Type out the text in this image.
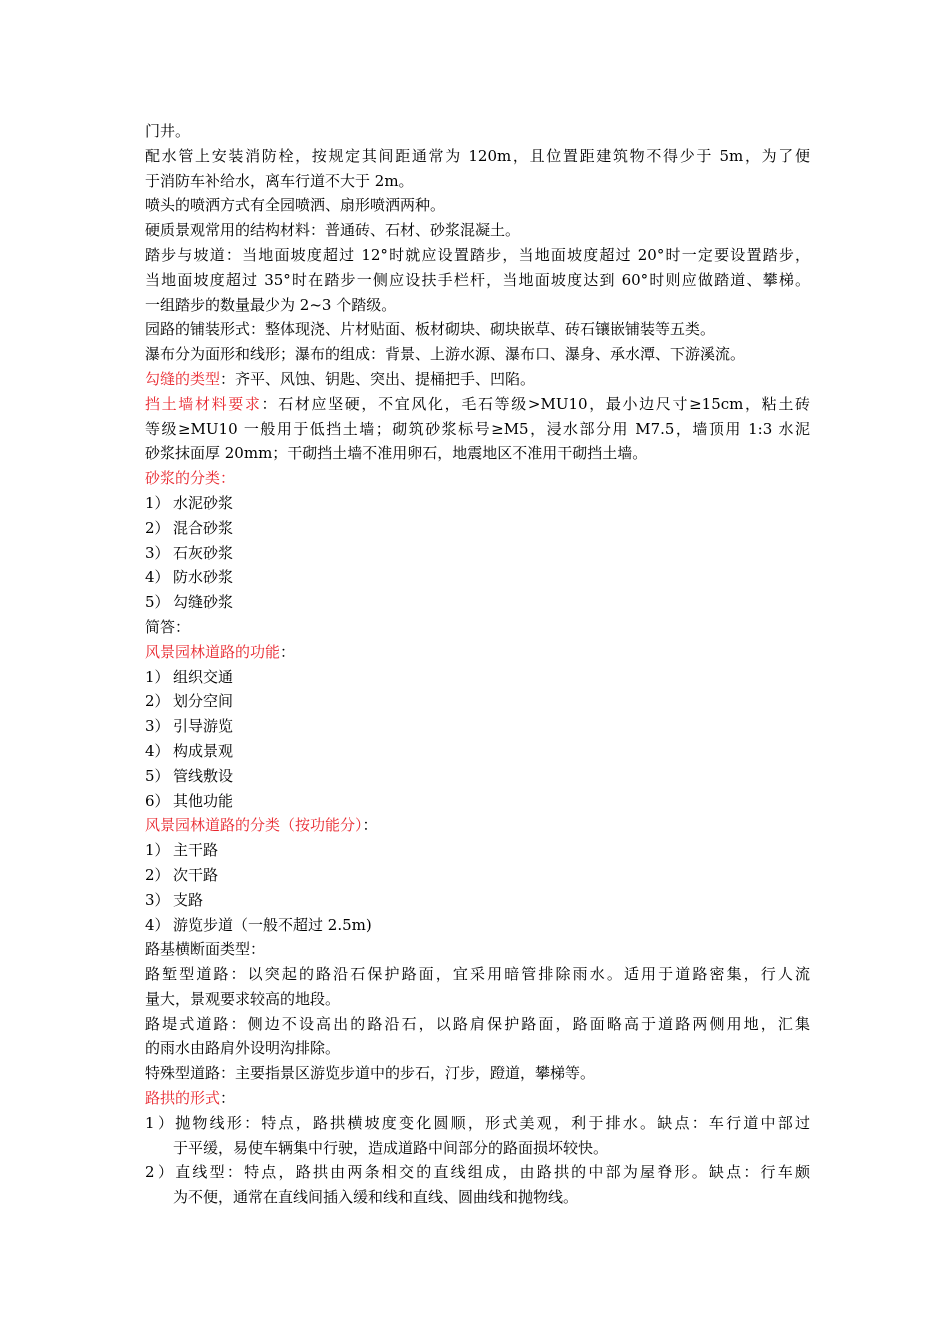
门井。
配水管上安装消防栓，按规定其间距通常为 120m，且位置距建筑物不得少于 5m，为了便
于消防车补给水，离车行道不大于 2m。
喷头的喷洒方式有全园喷洒、扇形喷洒两种。
硬质景观常用的结构材料：普通砖、石材、砂浆混凝土。
踏步与坡道：当地面坡度超过 12°时就应设置踏步，当地面坡度超过 20°时一定要设置踏步，
当地面坡度超过 35°时在踏步一侧应设扶手栏杆，当地面坡度达到 60°时则应做踏道、攀梯。
一组踏步的数量最少为 2~3 个踏级。
园路的铺装形式：整体现浇、片材贴面、板材砌块、砌块嵌草、砖石镶嵌铺装等五类。
瀑布分为面形和线形；瀑布的组成：背景、上游水源、瀑布口、瀑身、承水潭、下游溪流。
勾缝的类型：齐平、风蚀、钥匙、突出、提桶把手、凹陷。
挡土墙材料要求：石材应坚硬，不宜风化，毛石等级>MU10，最小边尺寸≥15cm，粘土砖
等级≥MU10 一般用于低挡土墙；砌筑砂浆标号≥M5，浸水部分用 M7.5，墙顶用 1:3 水泥
砂浆抹面厚 20mm；干砌挡土墙不准用卵石，地震地区不准用干砌挡土墙。
砂浆的分类：
1） 水泥砂浆
2） 混合砂浆
3） 石灰砂浆
4） 防水砂浆
5） 勾缝砂浆
简答：
风景园林道路的功能：
1） 组织交通
2） 划分空间
3） 引导游览
4） 构成景观
5） 管线敷设
6） 其他功能
风景园林道路的分类（按功能分）：
1） 主干路
2） 次干路
3） 支路
4） 游览步道（一般不超过 2.5m)
路基横断面类型：
路堑型道路：以突起的路沿石保护路面，宜采用暗管排除雨水。适用于道路密集，行人流
量大，景观要求较高的地段。
路堤式道路：侧边不设高出的路沿石，以路肩保护路面，路面略高于道路两侧用地，汇集
的雨水由路肩外设明沟排除。
特殊型道路：主要指景区游览步道中的步石，汀步，蹬道，攀梯等。
路拱的形式：
1）抛物线形：特点，路拱横坡度变化圆顺，形式美观，利于排水。缺点：车行道中部过
于平缓，易使车辆集中行驶，造成道路中间部分的路面损坏较快。
2）直线型：特点，路拱由两条相交的直线组成，由路拱的中部为屋脊形。缺点：行车颇
为不便，通常在直线间插入缓和线和直线、圆曲线和抛物线。
